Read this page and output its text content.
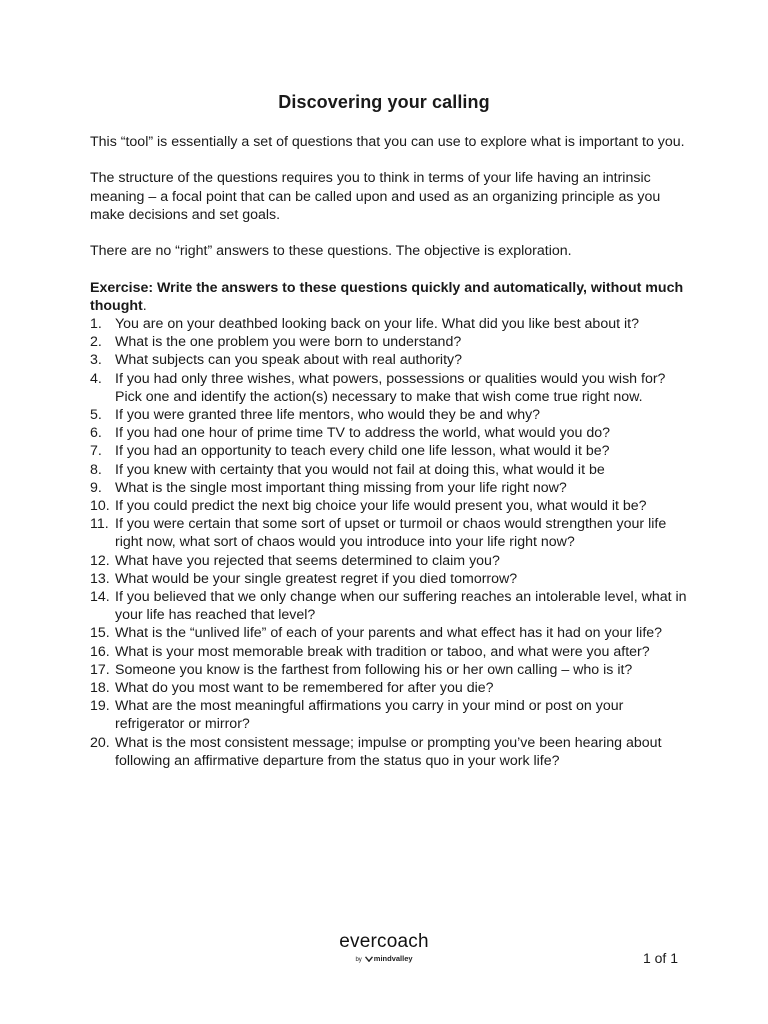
Discovering your calling

This “tool” is essentially a set of questions that you can use to explore what is important to you.

The structure of the questions requires you to think in terms of your life having an intrinsic meaning – a focal point that can be called upon and used as an organizing principle as you make decisions and set goals.

There are no “right” answers to these questions. The objective is exploration.

Exercise: Write the answers to these questions quickly and automatically, without much thought.

1. You are on your deathbed looking back on your life. What did you like best about it?
2. What is the one problem you were born to understand?
3. What subjects can you speak about with real authority?
4. If you had only three wishes, what powers, possessions or qualities would you wish for? Pick one and identify the action(s) necessary to make that wish come true right now.
5. If you were granted three life mentors, who would they be and why?
6. If you had one hour of prime time TV to address the world, what would you do?
7. If you had an opportunity to teach every child one life lesson, what would it be?
8. If you knew with certainty that you would not fail at doing this, what would it be
9. What is the single most important thing missing from your life right now?
10. If you could predict the next big choice your life would present you, what would it be?
11. If you were certain that some sort of upset or turmoil or chaos would strengthen your life right now, what sort of chaos would you introduce into your life right now?
12. What have you rejected that seems determined to claim you?
13. What would be your single greatest regret if you died tomorrow?
14. If you believed that we only change when our suffering reaches an intolerable level, what in your life has reached that level?
15. What is the “unlived life” of each of your parents and what effect has it had on your life?
16. What is your most memorable break with tradition or taboo, and what were you after?
17. Someone you know is the farthest from following his or her own calling – who is it?
18. What do you most want to be remembered for after you die?
19. What are the most meaningful affirmations you carry in your mind or post on your refrigerator or mirror?
20. What is the most consistent message; impulse or prompting you’ve been hearing about following an affirmative departure from the status quo in your work life?
evercoach
by mindvalley	1 of 1
